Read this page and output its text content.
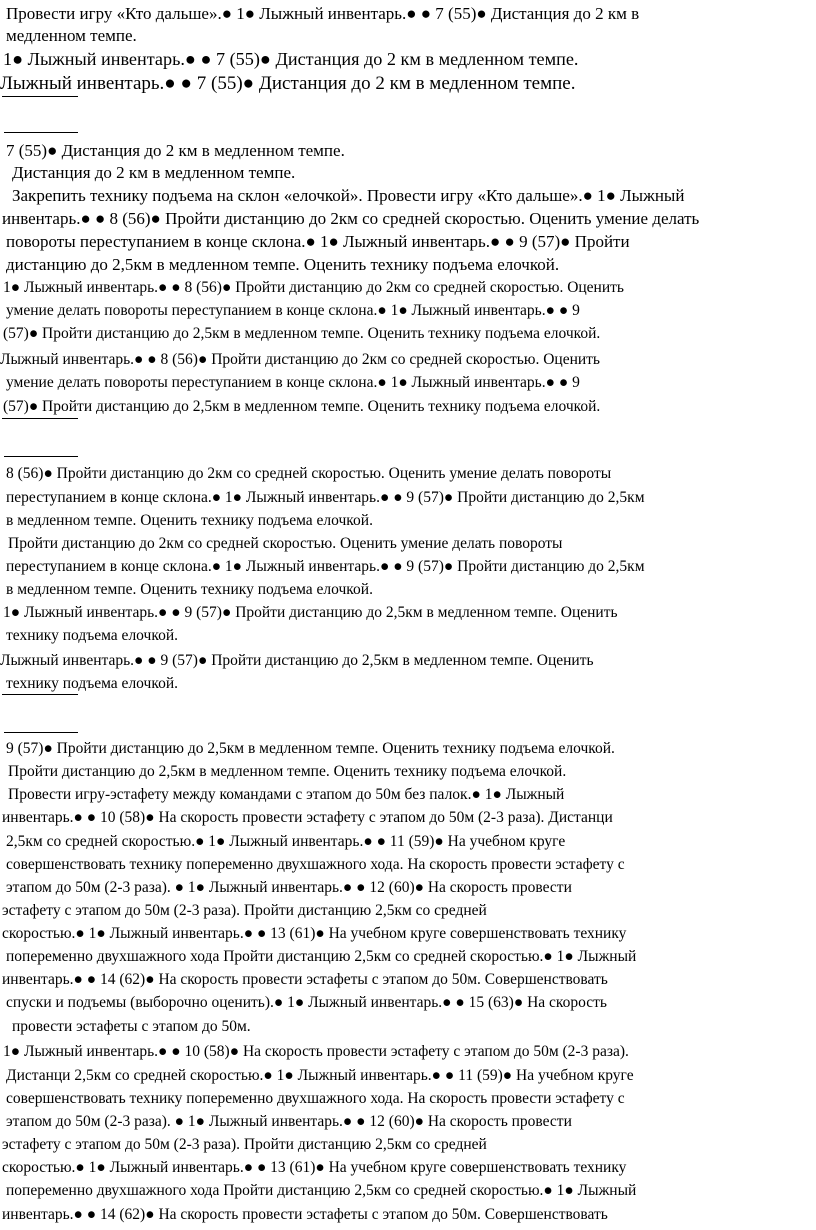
Провести игру «Кто дальше».● 1● Лыжный инвентарь.● ● 7 (55)● Дистанция до 2 км в
медленном темпе.
1● Лыжный инвентарь.● ● 7 (55)● Дистанция до 2 км в медленном темпе.
Лыжный инвентарь.● ● 7 (55)● Дистанция до 2 км в медленном темпе.
7 (55)● Дистанция до 2 км в медленном темпе.
Дистанция до 2 км в медленном темпе.
Закрепить технику подъема на склон «елочкой». Провести игру «Кто дальше».● 1● Лыжный
инвентарь.● ● 8 (56)● Пройти дистанцию до 2км со средней скоростью. Оценить умение делать
повороты переступанием в конце склона.● 1● Лыжный инвентарь.● ● 9 (57)● Пройти
дистанцию до 2,5км в медленном темпе. Оценить технику подъема елочкой.
1● Лыжный инвентарь.● ● 8 (56)● Пройти дистанцию до 2км со средней скоростью. Оценить
умение делать повороты переступанием в конце склона.● 1● Лыжный инвентарь.● ● 9
(57)● Пройти дистанцию до 2,5км в медленном темпе. Оценить технику подъема елочкой.
Лыжный инвентарь.● ● 8 (56)● Пройти дистанцию до 2км со средней скоростью. Оценить
умение делать повороты переступанием в конце склона.● 1● Лыжный инвентарь.● ● 9
(57)● Пройти дистанцию до 2,5км в медленном темпе. Оценить технику подъема елочкой.
8 (56)● Пройти дистанцию до 2км со средней скоростью. Оценить умение делать повороты
переступанием в конце склона.● 1● Лыжный инвентарь.● ● 9 (57)● Пройти дистанцию до 2,5км
в медленном темпе. Оценить технику подъема елочкой.
Пройти дистанцию до 2км со средней скоростью. Оценить умение делать повороты
переступанием в конце склона.● 1● Лыжный инвентарь.● ● 9 (57)● Пройти дистанцию до 2,5км
в медленном темпе. Оценить технику подъема елочкой.
1● Лыжный инвентарь.● ● 9 (57)● Пройти дистанцию до 2,5км в медленном темпе. Оценить
технику подъема елочкой.
Лыжный инвентарь.● ● 9 (57)● Пройти дистанцию до 2,5км в медленном темпе. Оценить
технику подъема елочкой.
9 (57)● Пройти дистанцию до 2,5км в медленном темпе. Оценить технику подъема елочкой.
Пройти дистанцию до 2,5км в медленном темпе. Оценить технику подъема елочкой.
Провести игру-эстафету между командами с этапом до 50м без палок.● 1● Лыжный
инвентарь.● ● 10 (58)● На скорость провести эстафету с этапом до 50м (2-3 раза). Дистанци
2,5км со средней скоростью.● 1● Лыжный инвентарь.● ● 11 (59)● На учебном круге
совершенствовать технику попеременно двухшажного хода. На скорость провести эстафету с
этапом до 50м (2-3 раза). ● 1● Лыжный инвентарь.● ● 12 (60)● На скорость провести
эстафету с этапом до 50м (2-3 раза). Пройти дистанцию 2,5км со средней
скоростью.● 1● Лыжный инвентарь.● ● 13 (61)● На учебном круге совершенствовать технику
попеременно двухшажного хода Пройти дистанцию 2,5км со средней скоростью.● 1● Лыжный
инвентарь.● ● 14 (62)● На скорость провести эстафеты с этапом до 50м. Совершенствовать
спуски и подъемы (выборочно оценить).● 1● Лыжный инвентарь.● ● 15 (63)● На скорость
провести эстафеты с этапом до 50м.
1● Лыжный инвентарь.● ● 10 (58)● На скорость провести эстафету с этапом до 50м (2-3 раза).
Дистанци 2,5км со средней скоростью.● 1● Лыжный инвентарь.● ● 11 (59)● На учебном круге
совершенствовать технику попеременно двухшажного хода. На скорость провести эстафету с
этапом до 50м (2-3 раза). ● 1● Лыжный инвентарь.● ● 12 (60)● На скорость провести
эстафету с этапом до 50м (2-3 раза). Пройти дистанцию 2,5км со средней
скоростью.● 1● Лыжный инвентарь.● ● 13 (61)● На учебном круге совершенствовать технику
попеременно двухшажного хода Пройти дистанцию 2,5км со средней скоростью.● 1● Лыжный
инвентарь.● ● 14 (62)● На скорость провести эстафеты с этапом до 50м. Совершенствовать
